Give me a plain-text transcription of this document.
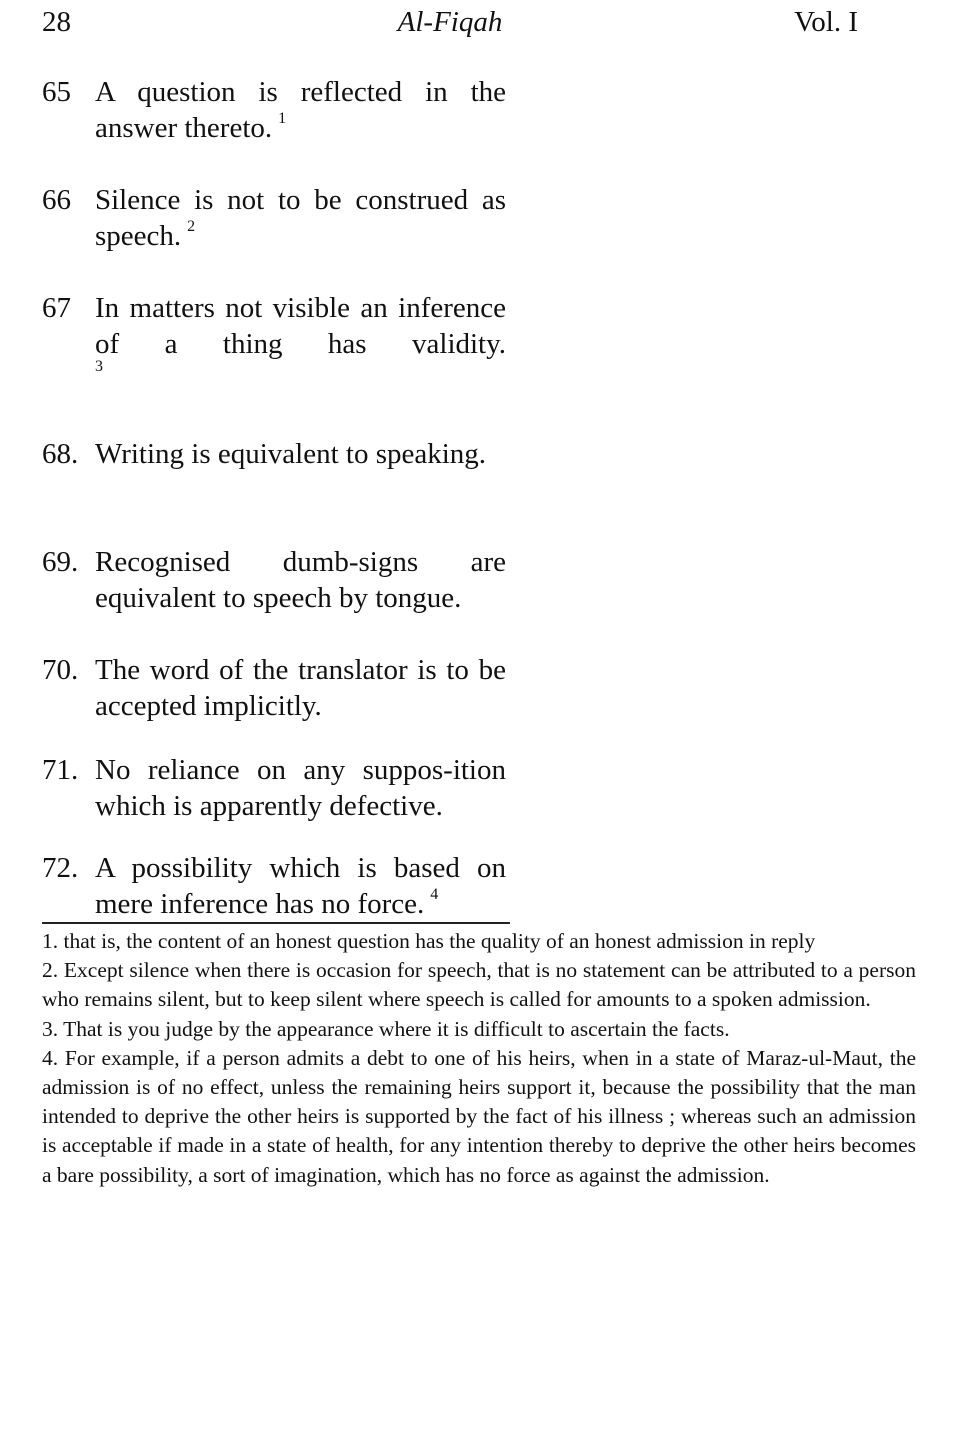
28	Al-Fiqah	Vol. I
65 A question is reflected in the answer thereto. $^1$
66 Silence is not to be construed as speech. $^2$
67 In matters not visible an inference of a thing has validity.
3
68. Writing is equivalent to speaking.
69. Recognised dumb-signs are equivalent to speech by tongue.
70. The word of the translator is to be accepted implicitly.
71. No reliance on any suppos-ition which is apparently defective.
72. A possibility which is based on mere inference has no force. $^4$

1. that is, the content of an honest question has the quality of an honest admission in reply

2. Except silence when there is occasion for speech, that is no statement can be attributed to a person who remains silent, but to keep silent where speech is called for amounts to a spoken admission.

3. That is you judge by the appearance where it is difficult to ascertain the facts.

4. For example, if a person admits a debt to one of his heirs, when in a state of Maraz-ul-Maut, the admission is of no effect, unless the remaining heirs support it, because the possibility that the man intended to deprive the other heirs is supported by the fact of his illness ; whereas such an admission is acceptable if made in a state of health, for any intention thereby to deprive the other heirs becomes a bare possibility, a sort of imagination, which has no force as against the admission.
